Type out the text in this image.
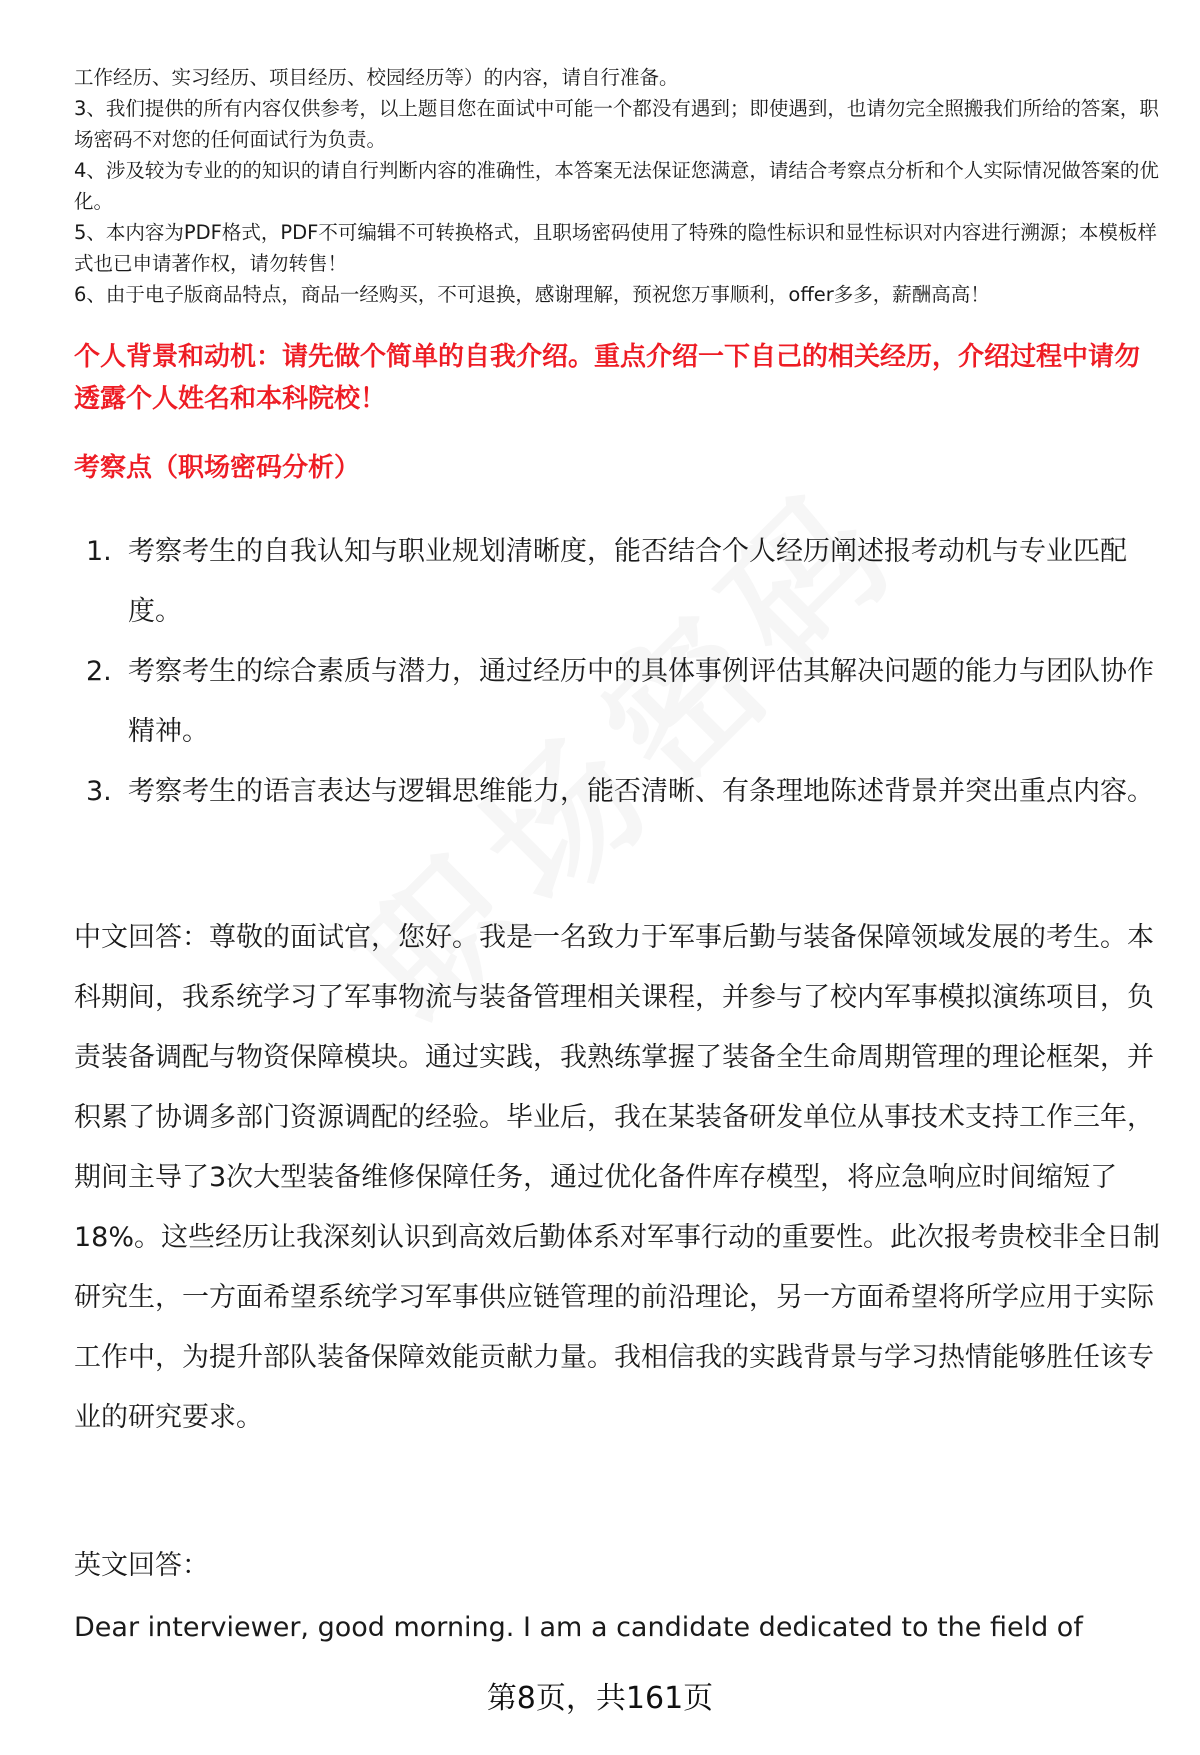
工作经历、实习经历、项目经历、校园经历等）的内容，请自行准备。

3、我们提供的所有内容仅供参考，以上题目您在面试中可能一个都没有遇到；即使遇到，也请勿完全照搬我们所给的答案，职场密码不对您的任何面试行为负责。

4、涉及较为专业的的知识的请自行判断内容的准确性，本答案无法保证您满意，请结合考察点分析和个人实际情况做答案的优化。

5、本内容为PDF格式，PDF不可编辑不可转换格式，且职场密码使用了特殊的隐性标识和显性标识对内容进行溯源；本模板样式也已申请著作权，请勿转售！

6、由于电子版商品特点，商品一经购买，不可退换，感谢理解，预祝您万事顺利，offer多多，薪酬高高！

个人背景和动机：请先做个简单的自我介绍。重点介绍一下自己的相关经历，介绍过程中请勿透露个人姓名和本科院校！

考察点（职场密码分析）

1. 考察考生的自我认知与职业规划清晰度，能否结合个人经历阐述报考动机与专业匹配度。
2. 考察考生的综合素质与潜力，通过经历中的具体事例评估其解决问题的能力与团队协作精神。
3. 考察考生的语言表达与逻辑思维能力，能否清晰、有条理地陈述背景并突出重点内容。

中文回答：尊敬的面试官，您好。我是一名致力于军事后勤与装备保障领域发展的考生。本科期间，我系统学习了军事物流与装备管理相关课程，并参与了校内军事模拟演练项目，负责装备调配与物资保障模块。通过实践，我熟练掌握了装备全生命周期管理的理论框架，并积累了协调多部门资源调配的经验。毕业后，我在某装备研发单位从事技术支持工作三年，期间主导了3次大型装备维修保障任务，通过优化备件库存模型，将应急响应时间缩短了18%。这些经历让我深刻认识到高效后勤体系对军事行动的重要性。此次报考贵校非全日制研究生，一方面希望系统学习军事供应链管理的前沿理论，另一方面希望将所学应用于实际工作中，为提升部队装备保障效能贡献力量。我相信我的实践背景与学习热情能够胜任该专业的研究要求。

英文回答：

Dear interviewer, good morning. I am a candidate dedicated to the field of

第8页，共161页
